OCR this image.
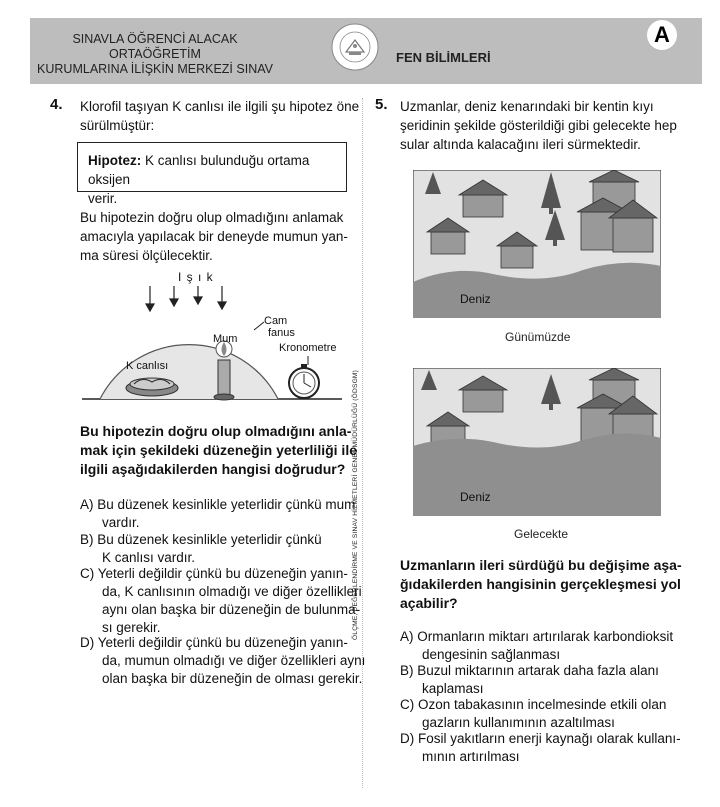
SINAVLA ÖĞRENCİ ALACAK ORTAÖĞRETİM
KURUMLARINA İLİŞKİN MERKEZİ SINAV
FEN BİLİMLERİ
A
ÖLÇME, DEĞERLENDİRME VE SINAV HİZMETLERİ GENEL MÜDÜRLÜĞÜ (ÖDSGM)
4. Klorofil taşıyan K canlısı ile ilgili şu hipotez öne
sürülmüştür:
Hipotez: K canlısı bulunduğu ortama oksijen
verir.
Bu hipotezin doğru olup olmadığını anlamak
amacıyla yapılacak bir deneyde mumun yan-
ma süresi ölçülecektir.
I ş ı k
Cam
fanus
Mum
Kronometre
K canlısı
Bu hipotezin doğru olup olmadığını anla-
mak için şekildeki düzeneğin yeterliliği ile
ilgili aşağıdakilerden hangisi doğrudur?
A) Bu düzenek kesinlikle yeterlidir çünkü mum
vardır.
B) Bu düzenek kesinlikle yeterlidir çünkü
K canlısı vardır.
C) Yeterli değildir çünkü bu düzeneğin yanın-
da, K canlısının olmadığı ve diğer özellikleri
aynı olan başka bir düzeneğin de bulunma-
sı gerekir.
D) Yeterli değildir çünkü bu düzeneğin yanın-
da, mumun olmadığı ve diğer özellikleri aynı
olan başka bir düzeneğin de olması gerekir.
5. Uzmanlar, deniz kenarındaki bir kentin kıyı
şeridinin şekilde gösterildiği gibi gelecekte hep
sular altında kalacağını ileri sürmektedir.
Deniz
Günümüzde
Deniz
Gelecekte
Uzmanların ileri sürdüğü bu değişime aşa-
ğıdakilerden hangisinin gerçekleşmesi yol
açabilir?
A) Ormanların miktarı artırılarak karbondioksit
dengesinin sağlanması
B) Buzul miktarının artarak daha fazla alanı
kaplaması
C) Ozon tabakasının incelmesinde etkili olan
gazların kullanımının azaltılması
D) Fosil yakıtların enerji kaynağı olarak kullanı-
mının artırılması
